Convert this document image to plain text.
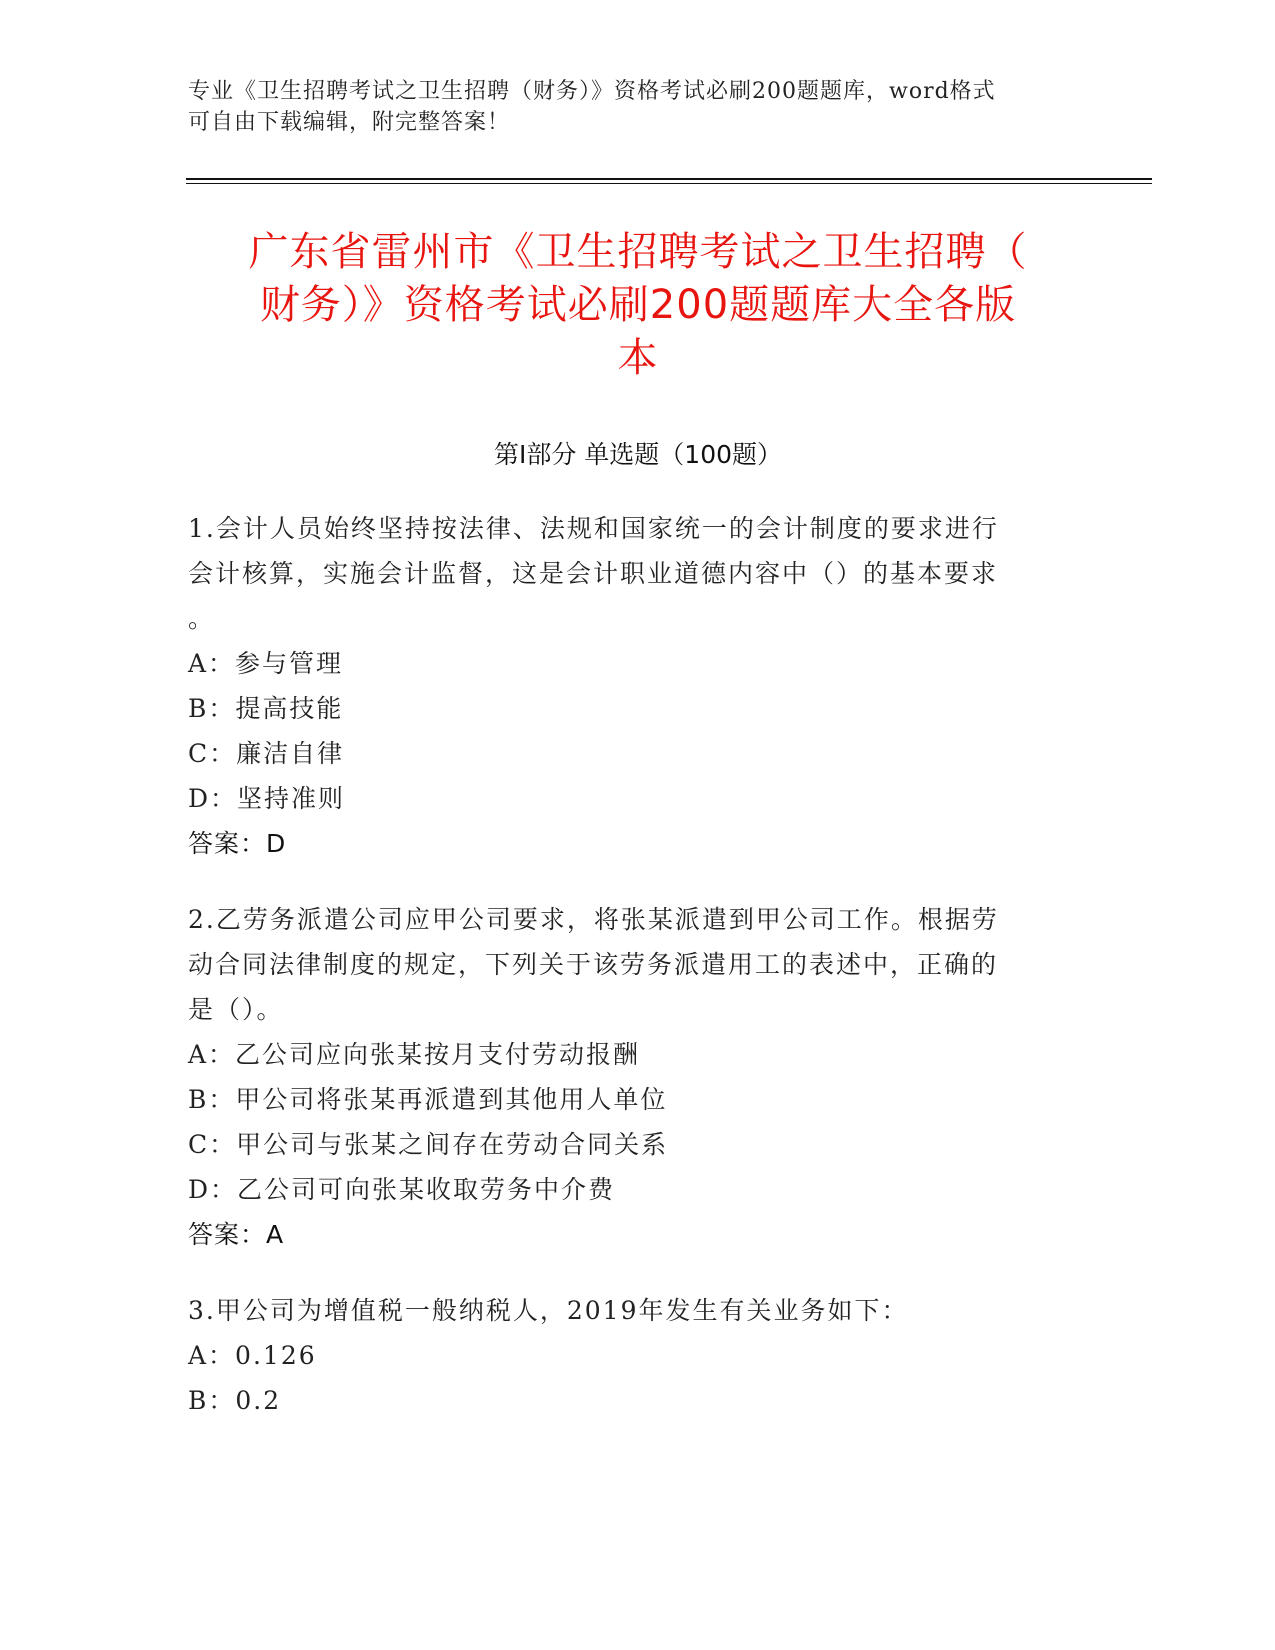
专业《卫生招聘考试之卫生招聘（财务）》资格考试必刷200题题库，word格式
可自由下载编辑，附完整答案！
广东省雷州市《卫生招聘考试之卫生招聘（
财务）》资格考试必刷200题题库大全各版
本
第Ⅰ部分 单选题（100题）
1.会计人员始终坚持按法律、法规和国家统一的会计制度的要求进行
会计核算，实施会计监督，这是会计职业道德内容中（）的基本要求
。
A：参与管理
B：提高技能
C：廉洁自律
D：坚持准则
答案：D
2.乙劳务派遣公司应甲公司要求，将张某派遣到甲公司工作。根据劳
动合同法律制度的规定，下列关于该劳务派遣用工的表述中，正确的
是（）。
A：乙公司应向张某按月支付劳动报酬
B：甲公司将张某再派遣到其他用人单位
C：甲公司与张某之间存在劳动合同关系
D：乙公司可向张某收取劳务中介费
答案：A
3.甲公司为增值税一般纳税人，2019年发生有关业务如下：
A：0.126
B：0.2
